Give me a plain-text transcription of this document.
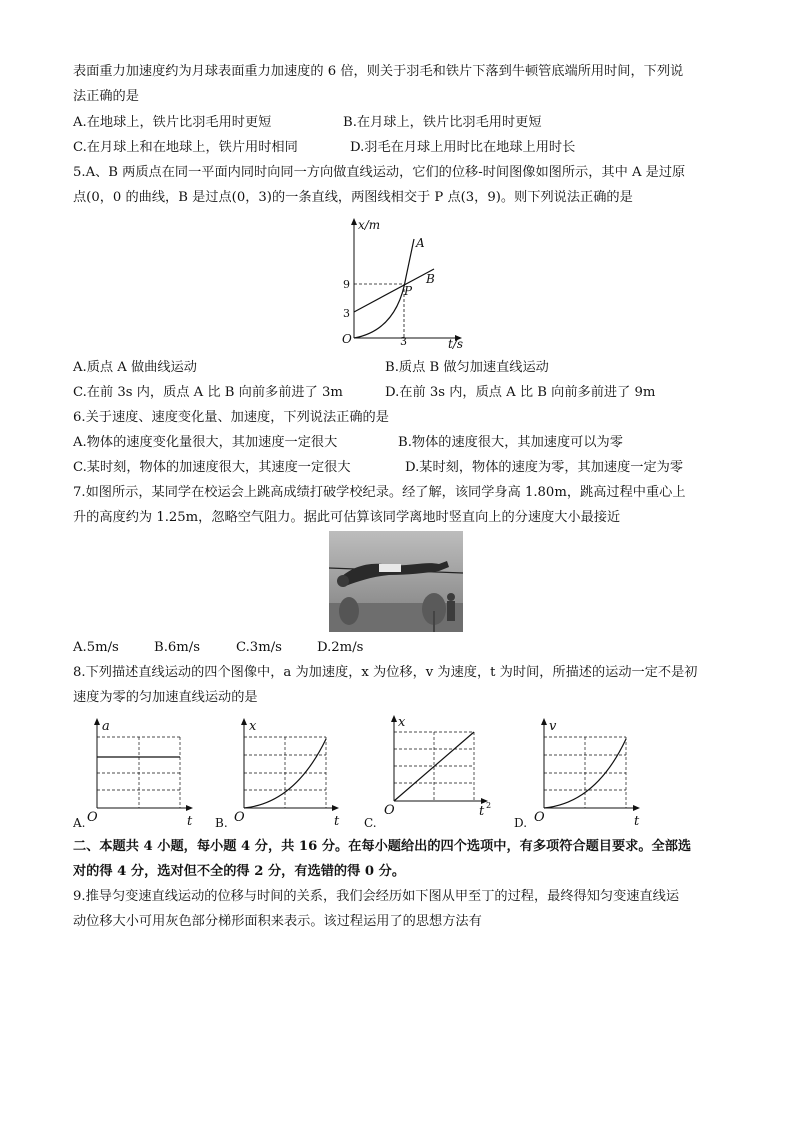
表面重力加速度约为月球表面重力加速度的 6 倍，则关于羽毛和铁片下落到牛顿管底端所用时间，下列说
法正确的是
A.在地球上，铁片比羽毛用时更短	B.在月球上，铁片比羽毛用时更短
C.在月球上和在地球上，铁片用时相同	D.羽毛在月球上用时比在地球上用时长
5.A、B 两质点在同一平面内同时向同一方向做直线运动，它们的位移-时间图像如图所示，其中 A 是过原
点(0，0 的曲线，B 是过点(0，3)的一条直线，两图线相交于 P 点(3，9)。则下列说法正确的是
x/m
t/s
O
9
3
3
A
B
P
A.质点 A 做曲线运动	B.质点 B 做匀加速直线运动
C.在前 3s 内，质点 A 比 B 向前多前进了 3m	D.在前 3s 内，质点 A 比 B 向前多前进了 9m
6.关于速度、速度变化量、加速度，下列说法正确的是
A.物体的速度变化量很大，其加速度一定很大	B.物体的速度很大，其加速度可以为零
C.某时刻，物体的加速度很大，其速度一定很大	D.某时刻，物体的速度为零，其加速度一定为零
7.如图所示，某同学在校运会上跳高成绩打破学校纪录。经了解，该同学身高 1.80m，跳高过程中重心上
升的高度约为 1.25m，忽略空气阻力。据此可估算该同学离地时竖直向上的分速度大小最接近
A.5m/s	B.6m/s	C.3m/s	D.2m/s
8.下列描述直线运动的四个图像中，a 为加速度，x 为位移，v 为速度，t 为时间，所描述的运动一定不是初
速度为零的匀加速直线运动的是
A.
a
t
O	B.
x
t
O	C.
x
t 2
O
D.
v
t
O
二、本题共 4 小题，每小题 4 分，共 16 分。在每小题给出的四个选项中，有多项符合题目要求。全部选
对的得 4 分，选对但不全的得 2 分，有选错的得 0 分。
9.推导匀变速直线运动的位移与时间的关系，我们会经历如下图从甲至丁的过程，最终得知匀变速直线运
动位移大小可用灰色部分梯形面积来表示。该过程运用了的思想方法有
